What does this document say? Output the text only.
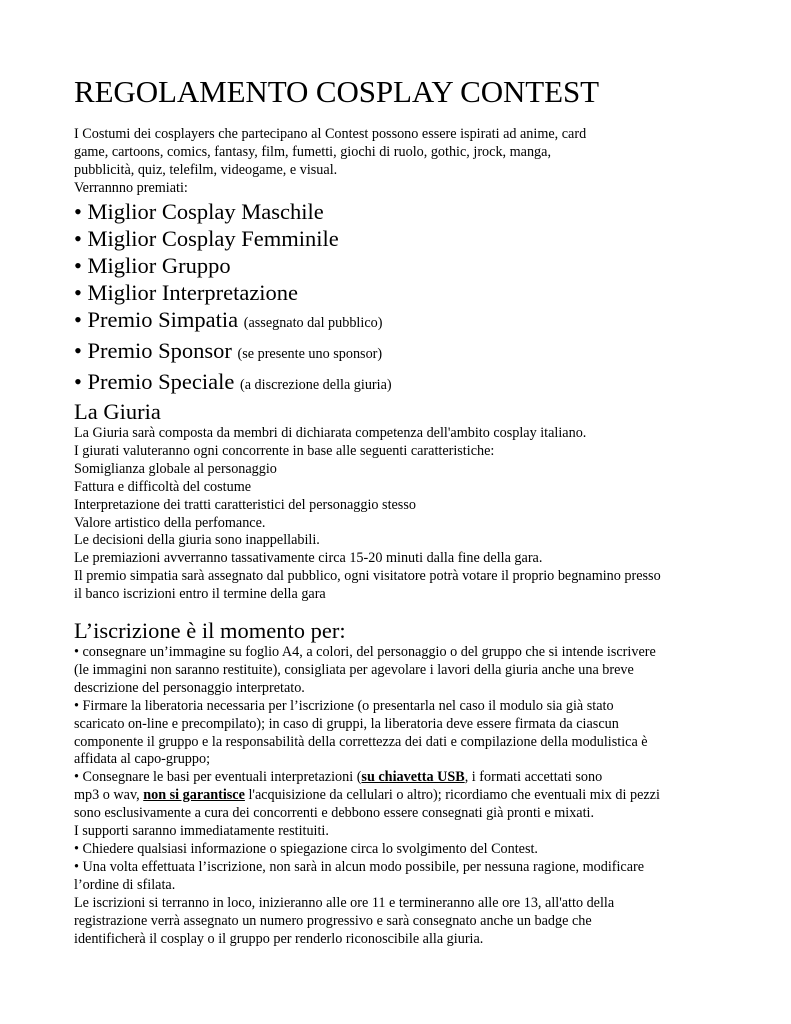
REGOLAMENTO COSPLAY CONTEST

I Costumi dei cosplayers che partecipano al Contest possono essere ispirati ad anime, card

game, cartoons, comics, fantasy, film, fumetti, giochi di ruolo, gothic, jrock, manga,

pubblicità, quiz, telefilm, videogame, e visual.

Verrannno premiati:

• Miglior Cosplay Maschile

• Miglior Cosplay Femminile

• Miglior Gruppo

• Miglior Interpretazione

• Premio Simpatia (assegnato dal pubblico)

• Premio Sponsor (se presente uno sponsor)

• Premio Speciale (a discrezione della giuria)

La Giuria

La Giuria sarà composta da membri di dichiarata competenza dell'ambito cosplay italiano.

I giurati valuteranno ogni concorrente in base alle seguenti caratteristiche:

Somiglianza globale al personaggio

Fattura e difficoltà del costume

Interpretazione dei tratti caratteristici del personaggio stesso

Valore artistico della perfomance.

Le decisioni della giuria sono inappellabili.

Le premiazioni avverranno tassativamente circa 15-20 minuti dalla fine della gara.

Il premio simpatia sarà assegnato dal pubblico, ogni visitatore potrà votare il proprio begnamino presso

il banco iscrizioni entro il termine della gara

L’iscrizione è il momento per:

• consegnare un’immagine su foglio A4, a colori, del personaggio o del gruppo che si intende iscrivere

(le immagini non saranno restituite), consigliata per agevolare i lavori della giuria anche una breve

descrizione del personaggio interpretato.

• Firmare la liberatoria necessaria per l’iscrizione (o presentarla nel caso il modulo sia già stato

scaricato on-line e precompilato); in caso di gruppi, la liberatoria deve essere firmata da ciascun

componente il gruppo e la responsabilità della correttezza dei dati e compilazione della modulistica è

affidata al capo-gruppo;

• Consegnare le basi per eventuali interpretazioni (su chiavetta USB, i formati accettati sono

mp3 o wav, non si garantisce l'acquisizione da cellulari o altro); ricordiamo che eventuali mix di pezzi

sono esclusivamente a cura dei concorrenti e debbono essere consegnati già pronti e mixati.

I supporti saranno immediatamente restituiti.

• Chiedere qualsiasi informazione o spiegazione circa lo svolgimento del Contest.

• Una volta effettuata l’iscrizione, non sarà in alcun modo possibile, per nessuna ragione, modificare

l’ordine di sfilata.

Le iscrizioni si terranno in loco, inizieranno alle ore 11 e termineranno alle ore 13, all'atto della

registrazione verrà assegnato un numero progressivo e sarà consegnato anche un badge che

identificherà il cosplay o il gruppo per renderlo riconoscibile alla giuria.
